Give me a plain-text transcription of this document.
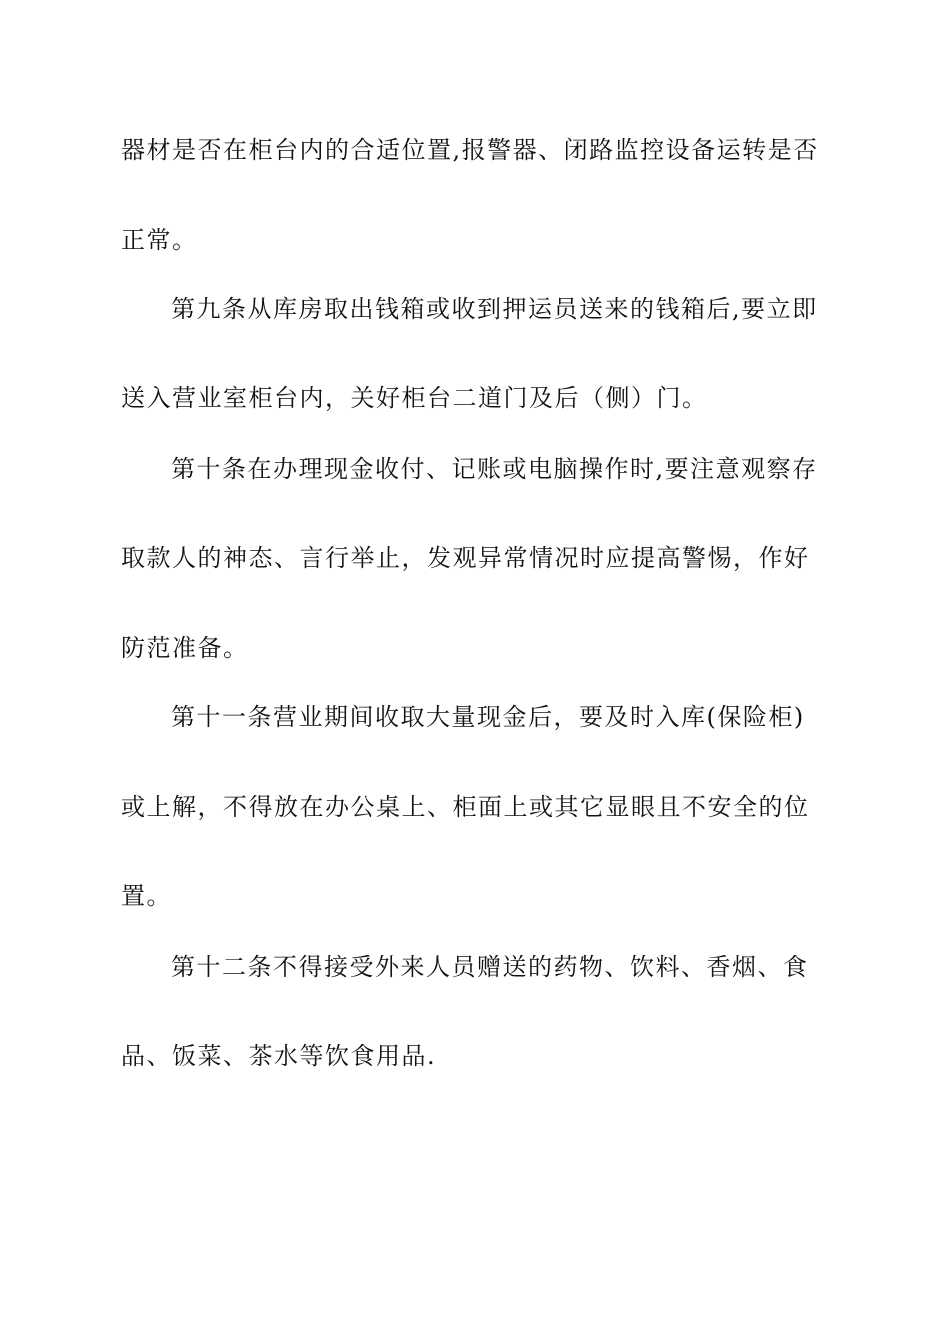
器材是否在柜台内的合适位置,报警器、闭路监控设备运转是否
正常。
第九条从库房取出钱箱或收到押运员送来的钱箱后,要立即
送入营业室柜台内，关好柜台二道门及后（侧）门。
第十条在办理现金收付、记账或电脑操作时,要注意观察存
取款人的神态、言行举止，发观异常情况时应提高警惕，作好
防范准备。
第十一条营业期间收取大量现金后，要及时入库(保险柜)
或上解，不得放在办公桌上、柜面上或其它显眼且不安全的位
置。
第十二条不得接受外来人员赠送的药物、饮料、香烟、食
品、饭菜、茶水等饮食用品.
